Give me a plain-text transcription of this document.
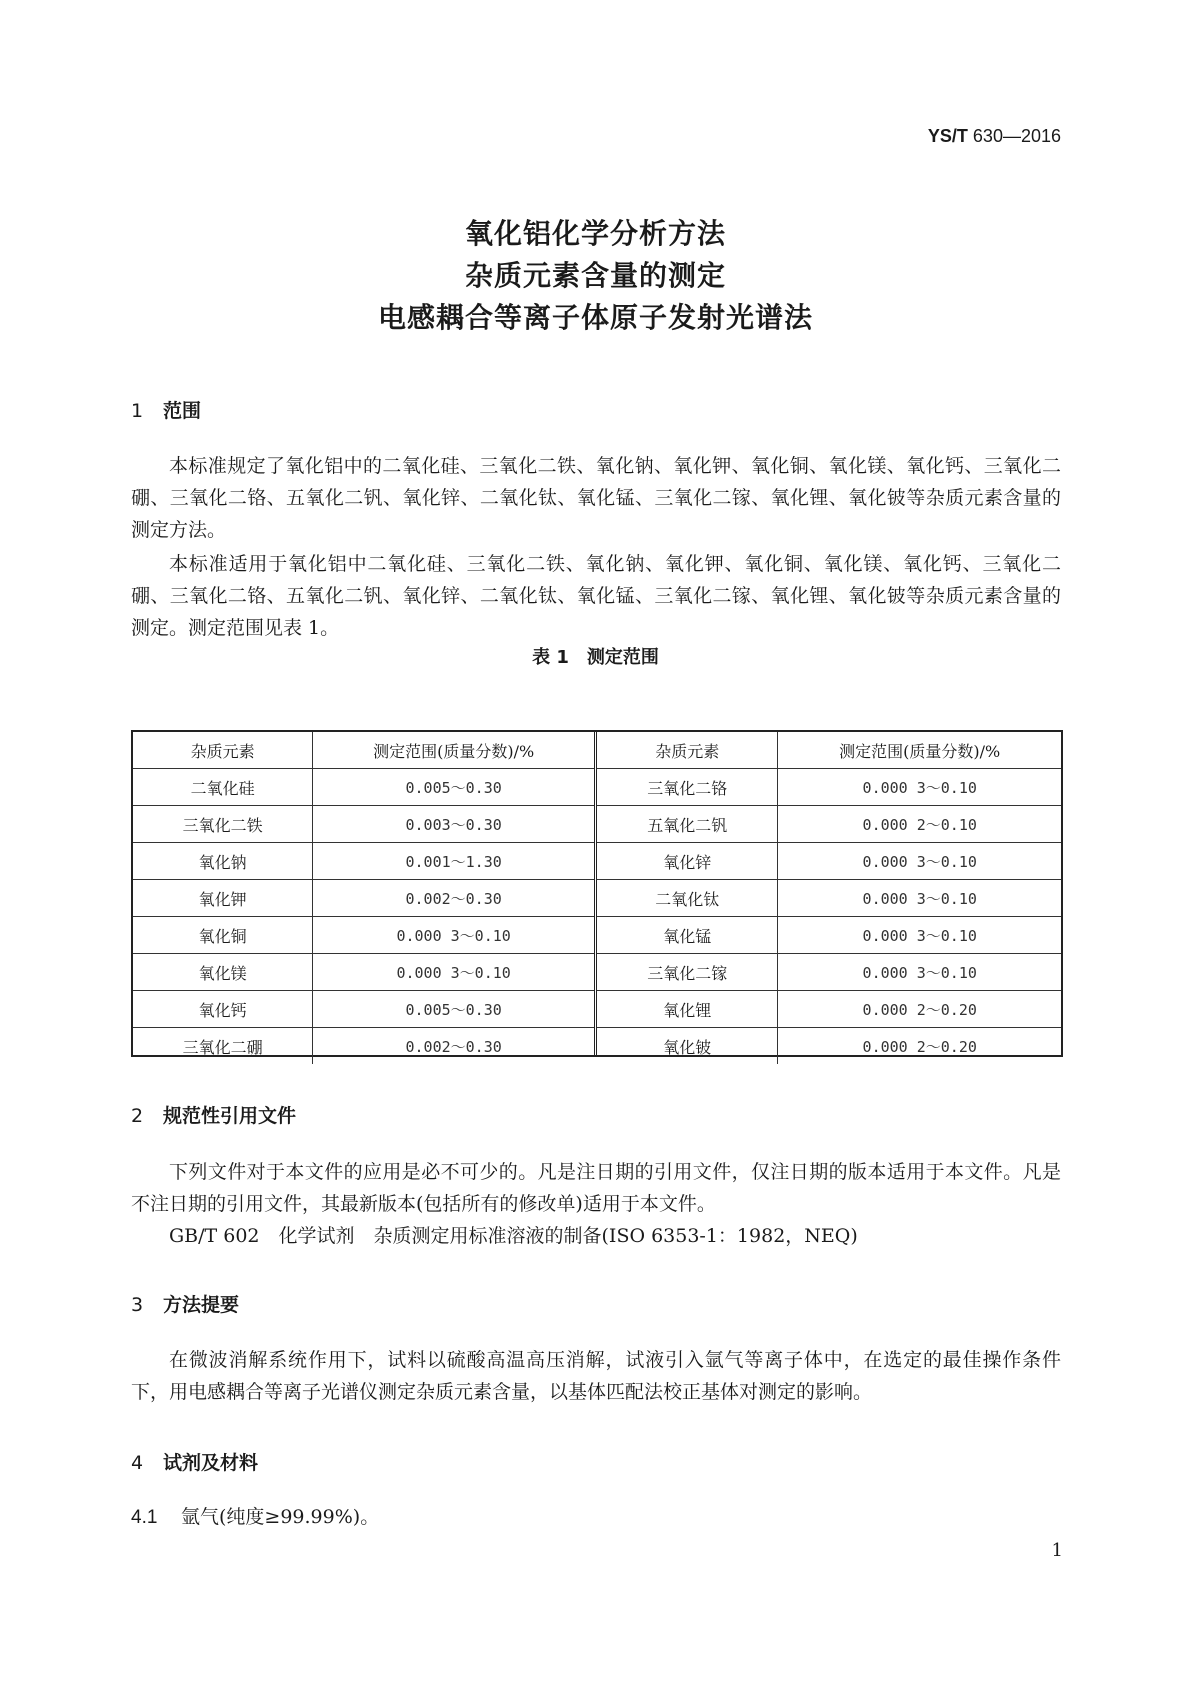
YS/T 630—2016
氧化铝化学分析方法
杂质元素含量的测定
电感耦合等离子体原子发射光谱法
1 范围

本标准规定了氧化铝中的二氧化硅、三氧化二铁、氧化钠、氧化钾、氧化铜、氧化镁、氧化钙、三氧化二硼、三氧化二铬、五氧化二钒、氧化锌、二氧化钛、氧化锰、三氧化二镓、氧化锂、氧化铍等杂质元素含量的测定方法。

本标准适用于氧化铝中二氧化硅、三氧化二铁、氧化钠、氧化钾、氧化铜、氧化镁、氧化钙、三氧化二硼、三氧化二铬、五氧化二钒、氧化锌、二氧化钛、氧化锰、三氧化二镓、氧化锂、氧化铍等杂质元素含量的测定。测定范围见表 1。

表 1　测定范围
杂质元素	测定范围(质量分数)/%
二氧化硅	0.005～0.30
三氧化二铁	0.003～0.30
氧化钠	0.001～1.30
氧化钾	0.002～0.30
氧化铜	0.000 3～0.10
氧化镁	0.000 3～0.10
氧化钙	0.005～0.30
三氧化二硼	0.002～0.30
杂质元素	测定范围(质量分数)/%
三氧化二铬	0.000 3～0.10
五氧化二钒	0.000 2～0.10
氧化锌	0.000 3～0.10
二氧化钛	0.000 3～0.10
氧化锰	0.000 3～0.10
三氧化二镓	0.000 3～0.10
氧化锂	0.000 2～0.20
氧化铍	0.000 2～0.20
2 规范性引用文件

下列文件对于本文件的应用是必不可少的。凡是注日期的引用文件，仅注日期的版本适用于本文件。凡是不注日期的引用文件，其最新版本(包括所有的修改单)适用于本文件。

GB/T 602　化学试剂　杂质测定用标准溶液的制备(ISO 6353-1：1982，NEQ)

3 方法提要

在微波消解系统作用下，试料以硫酸高温高压消解，试液引入氩气等离子体中，在选定的最佳操作条件下，用电感耦合等离子光谱仪测定杂质元素含量，以基体匹配法校正基体对测定的影响。

4 试剂及材料
4.1 氩气(纯度≥99.99%)。
1
